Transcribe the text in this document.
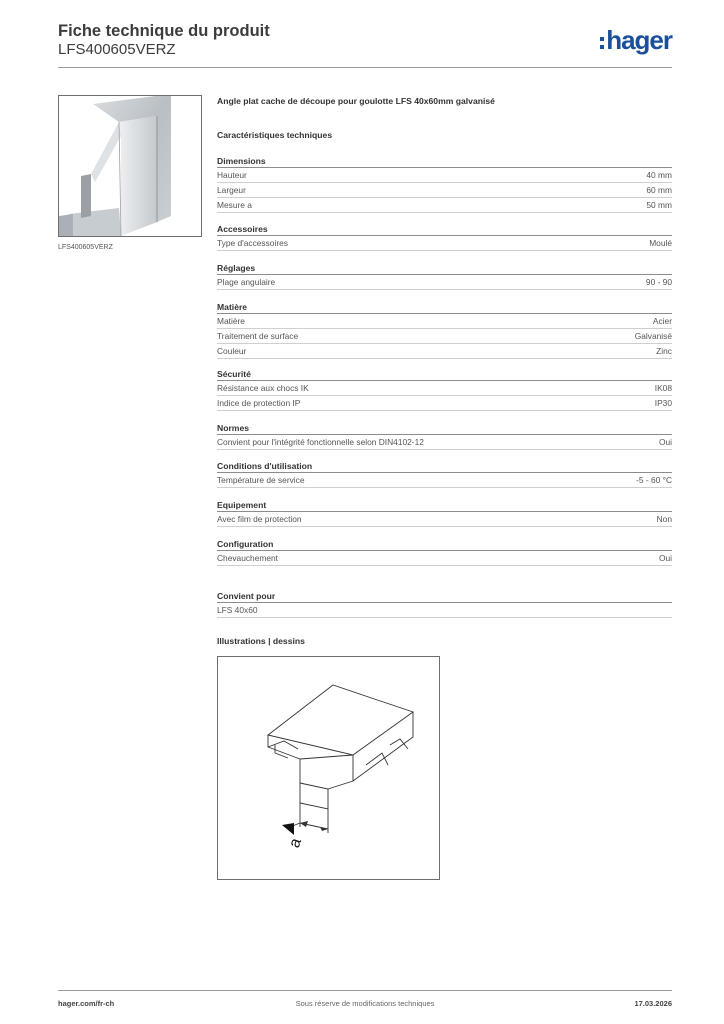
Fiche technique du produit
LFS400605VERZ	hager
LFS400605VERZ
Angle plat cache de découpe pour goulotte LFS 40x60mm galvanisé
Caractéristiques techniques
Dimensions
Hauteur	40 mm
Largeur	60 mm
Mesure a	50 mm
Accessoires
Type d'accessoires	Moulé
Réglages
Plage angulaire	90 - 90
Matière
Matière	Acier
Traitement de surface	Galvanisé
Couleur	Zinc
Sécurité
Résistance aux chocs IK	IK08
Indice de protection IP	IP30
Normes
Convient pour l'intégrité fonctionnelle selon DIN4102-12	Oui
Conditions d'utilisation
Température de service	-5 - 60 °C
Equipement
Avec film de protection	Non
Configuration
Chevauchement	Oui
Convient pour
LFS 40x60
Illustrations | dessins
a
hager.com/fr-ch	Sous réserve de modifications techniques	17.03.2026
